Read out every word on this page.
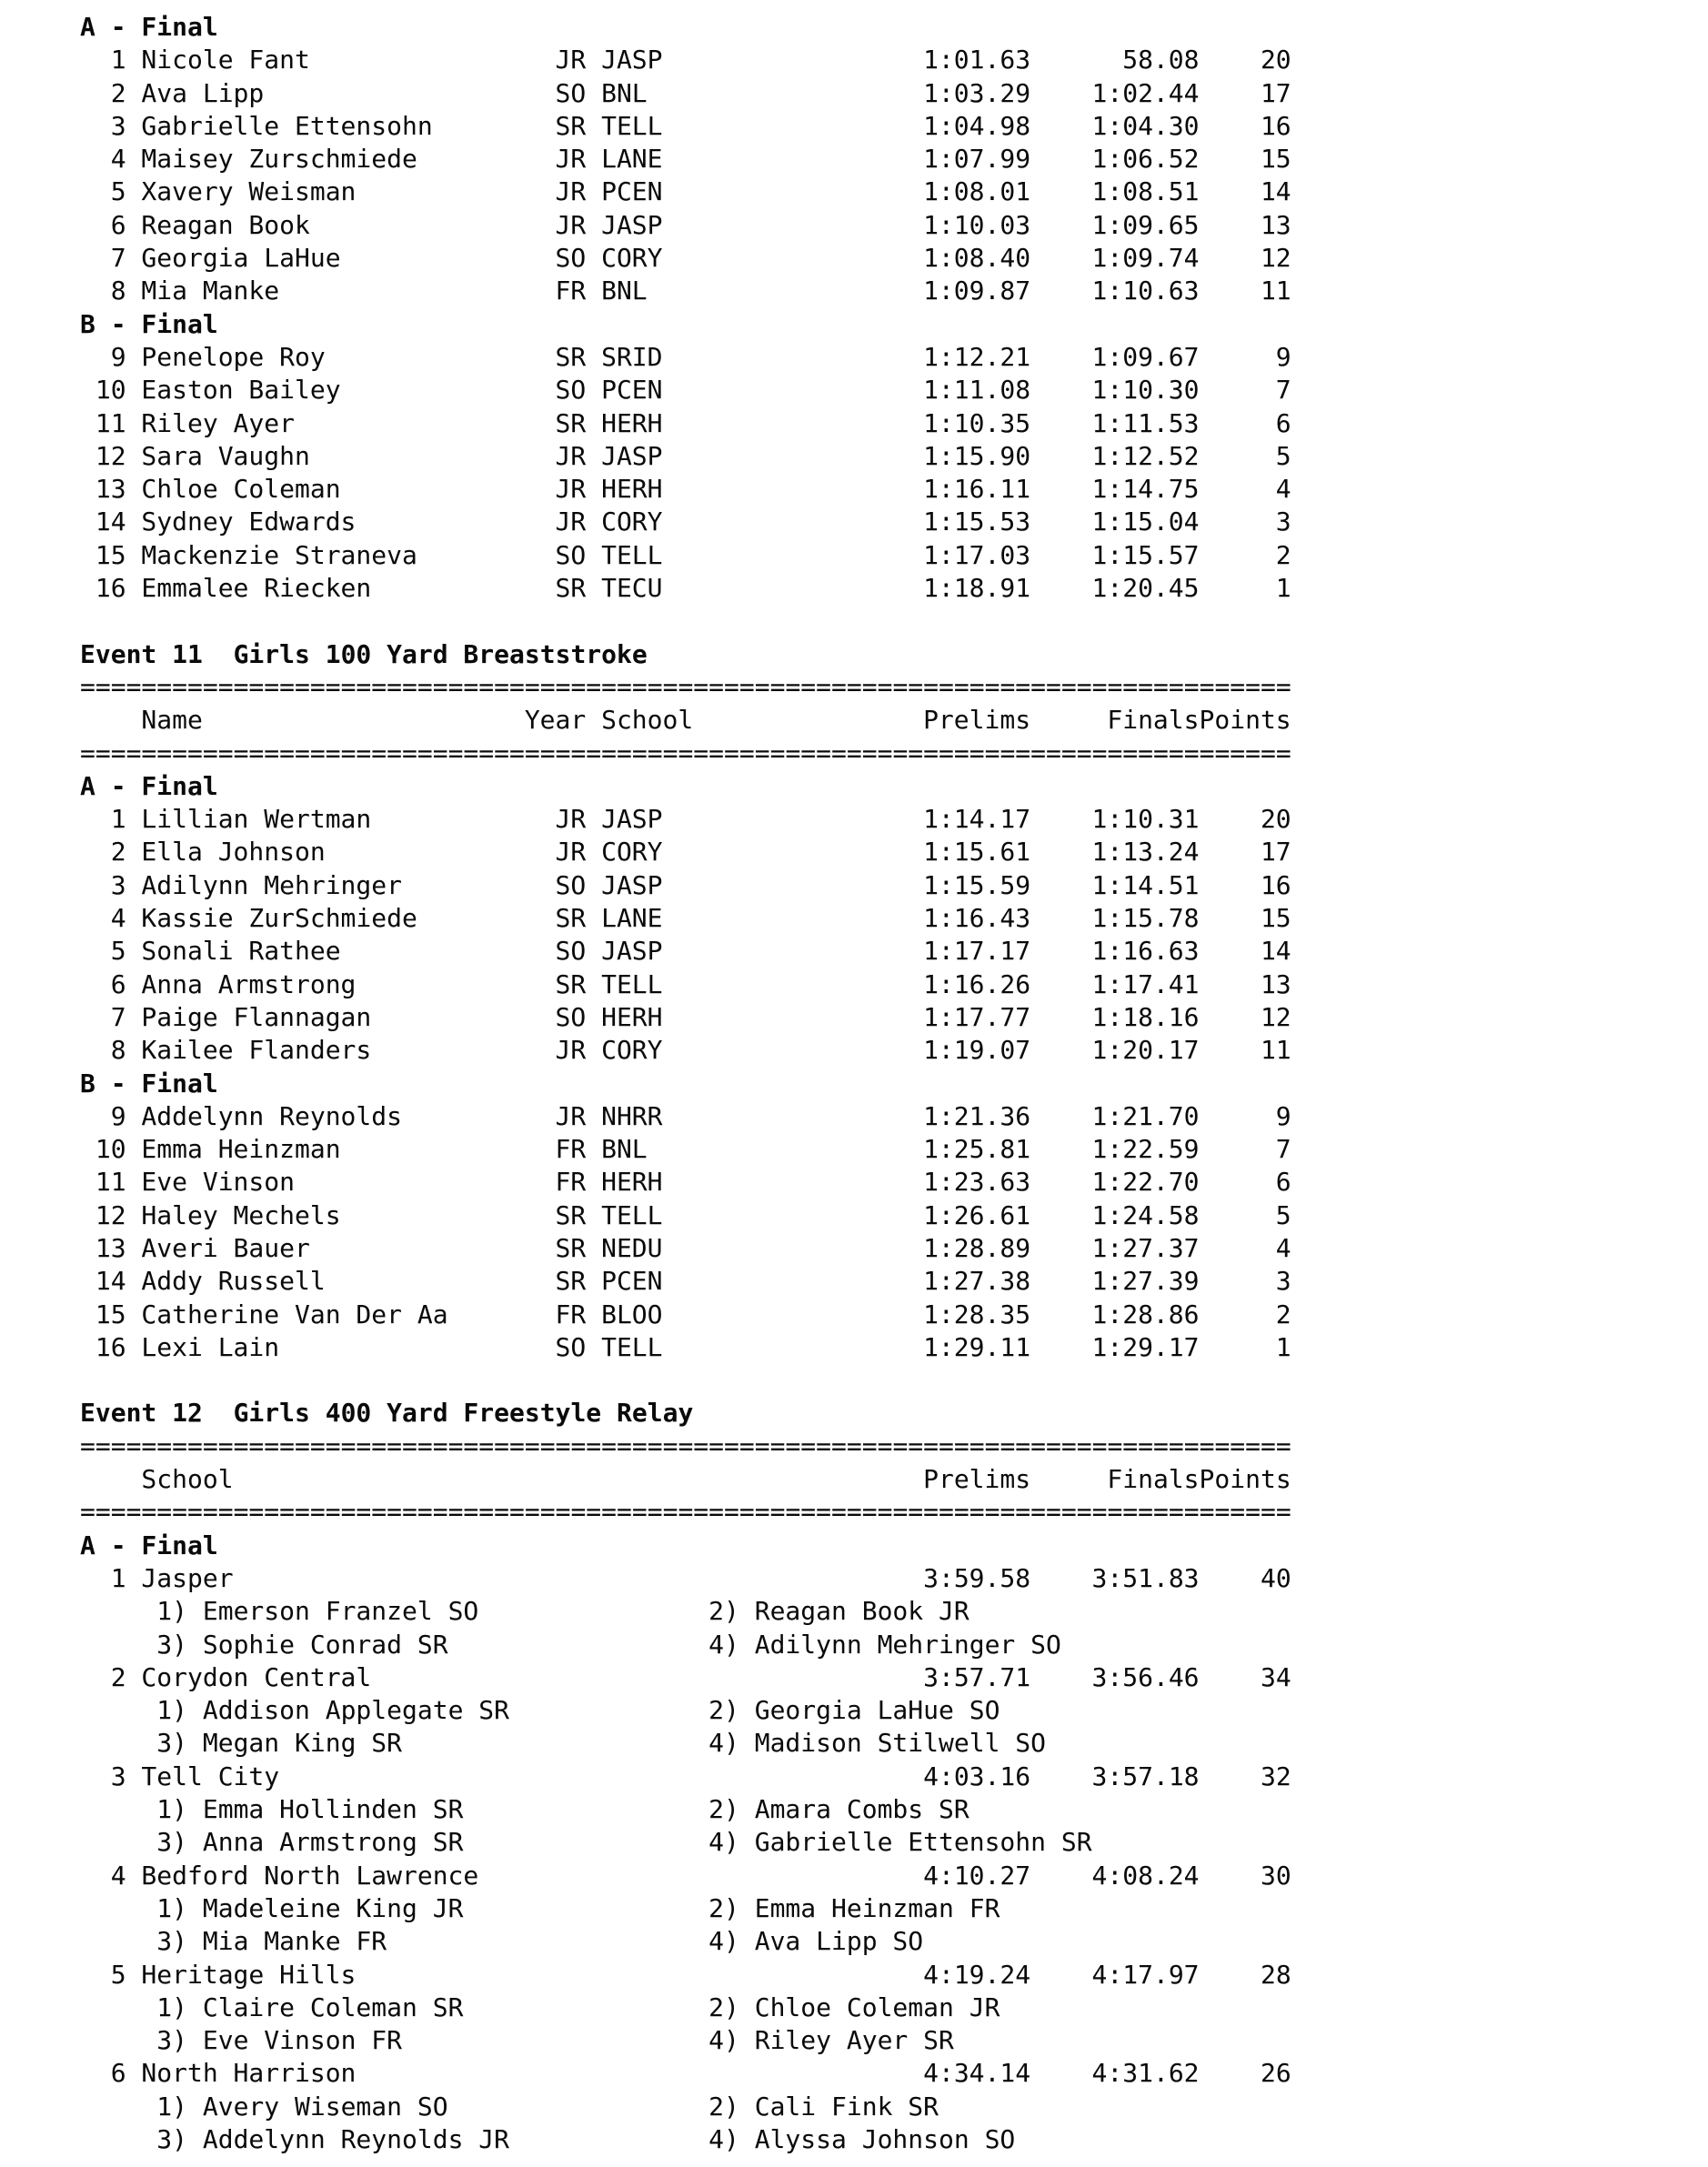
A - Final
1 Nicole Fant	JR JASP	1:01.63	58.08 20
2 Ava Lipp	SO BNL	1:03.29 1:02.44 17
3 Gabrielle Ettensohn	SR TELL	1:04.98 1:04.30 16
4 Maisey Zurschmiede	JR LANE	1:07.99 1:06.52 15
5 Xavery Weisman	JR PCEN	1:08.01 1:08.51 14
6 Reagan Book	JR JASP	1:10.03 1:09.65 13
7 Georgia LaHue	SO CORY	1:08.40 1:09.74 12
8 Mia Manke	FR BNL	1:09.87 1:10.63 11
B - Final
9 Penelope Roy	SR SRID	1:12.21 1:09.67	9
10 Easton Bailey	SO PCEN	1:11.08 1:10.30	7
11 Riley Ayer	SR HERH	1:10.35 1:11.53	6
12 Sara Vaughn	JR JASP	1:15.90 1:12.52	5
13 Chloe Coleman	JR HERH	1:16.11 1:14.75	4
14 Sydney Edwards	JR CORY	1:15.53 1:15.04	3
15 Mackenzie Straneva	SO TELL	1:17.03 1:15.57	2
16 Emmalee Riecken	SR TECU	1:18.91 1:20.45	1
Event 11  Girls 100 Yard Breaststroke
===============================================================================
Name	Year School	Prelims	FinalsPoints
===============================================================================
A - Final
1 Lillian Wertman	JR JASP	1:14.17 1:10.31 20
2 Ella Johnson	JR CORY	1:15.61 1:13.24 17
3 Adilynn Mehringer	SO JASP	1:15.59 1:14.51 16
4 Kassie ZurSchmiede	SR LANE	1:16.43 1:15.78 15
5 Sonali Rathee	SO JASP	1:17.17 1:16.63 14
6 Anna Armstrong	SR TELL	1:16.26 1:17.41 13
7 Paige Flannagan	SO HERH	1:17.77 1:18.16 12
8 Kailee Flanders	JR CORY	1:19.07 1:20.17 11
B - Final
9 Addelynn Reynolds	JR NHRR	1:21.36 1:21.70	9
10 Emma Heinzman	FR BNL	1:25.81 1:22.59	7
11 Eve Vinson	FR HERH	1:23.63 1:22.70	6
12 Haley Mechels	SR TELL	1:26.61 1:24.58	5
13 Averi Bauer	SR NEDU	1:28.89 1:27.37	4
14 Addy Russell	SR PCEN	1:27.38 1:27.39	3
15 Catherine Van Der Aa	FR BLOO	1:28.35 1:28.86	2
16 Lexi Lain	SO TELL	1:29.11 1:29.17	1
Event 12  Girls 400 Yard Freestyle Relay
===============================================================================
School	Prelims	FinalsPoints
===============================================================================
A - Final
1 Jasper	3:59.58 3:51.83 40
1) Emerson Franzel SO	2) Reagan Book JR
3) Sophie Conrad SR	4) Adilynn Mehringer SO
2 Corydon Central	3:57.71 3:56.46 34
1) Addison Applegate SR	2) Georgia LaHue SO
3) Megan King SR	4) Madison Stilwell SO
3 Tell City	4:03.16 3:57.18 32
1) Emma Hollinden SR	2) Amara Combs SR
3) Anna Armstrong SR	4) Gabrielle Ettensohn SR
4 Bedford North Lawrence	4:10.27 4:08.24 30
1) Madeleine King JR	2) Emma Heinzman FR
3) Mia Manke FR	4) Ava Lipp SO
5 Heritage Hills	4:19.24 4:17.97 28
1) Claire Coleman SR	2) Chloe Coleman JR
3) Eve Vinson FR	4) Riley Ayer SR
6 North Harrison	4:34.14 4:31.62 26
1) Avery Wiseman SO	2) Cali Fink SR
3) Addelynn Reynolds JR	4) Alyssa Johnson SO
